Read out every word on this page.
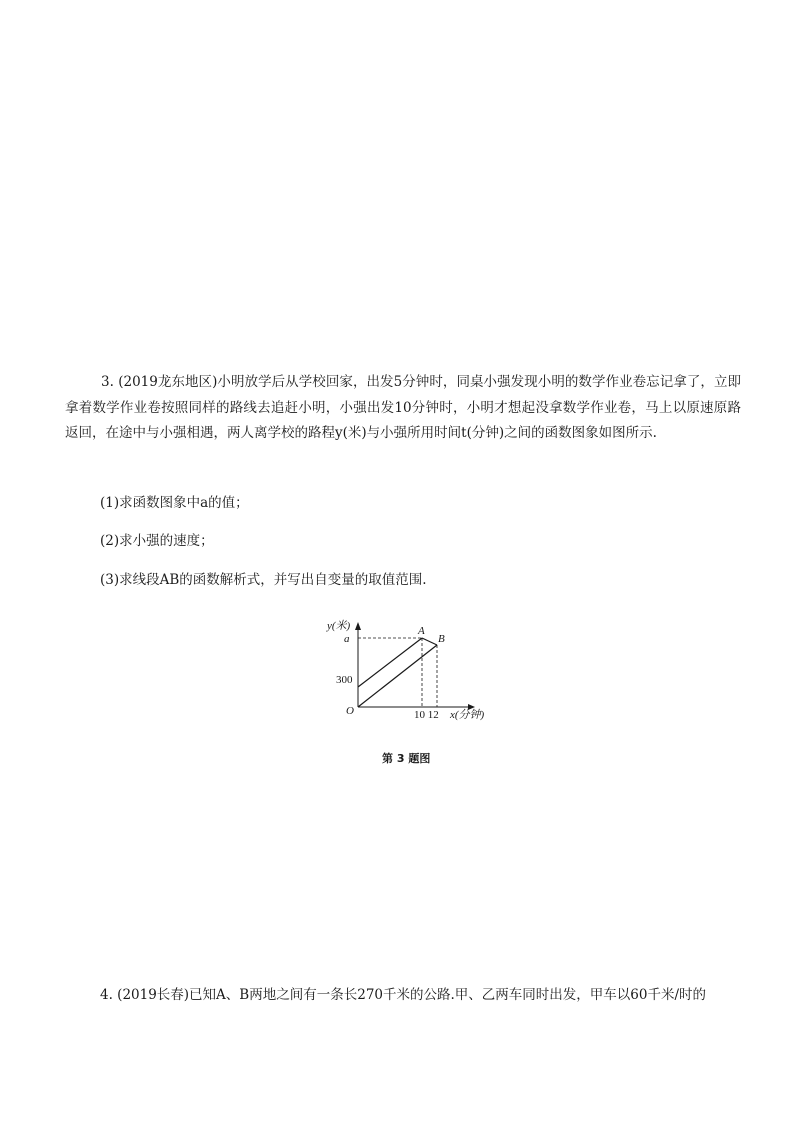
3. (2019龙东地区)小明放学后从学校回家，出发5分钟时，同桌小强发现小明的数学作业卷忘记拿了，立即拿着数学作业卷按照同样的路线去追赶小明，小强出发10分钟时，小明才想起没拿数学作业卷，马上以原速原路返回，在途中与小强相遇，两人离学校的路程y(米)与小强所用时间t(分钟)之间的函数图象如图所示.

(1)求函数图象中a的值；

(2)求小强的速度；

(3)求线段AB的函数解析式，并写出自变量的取值范围.

y(米)
a
300
O	10 12 x(分钟)
A
B
第 3 题图

4. (2019长春)已知A、B两地之间有一条长270千米的公路.甲、乙两车同时出发，甲车以60千米/时的
